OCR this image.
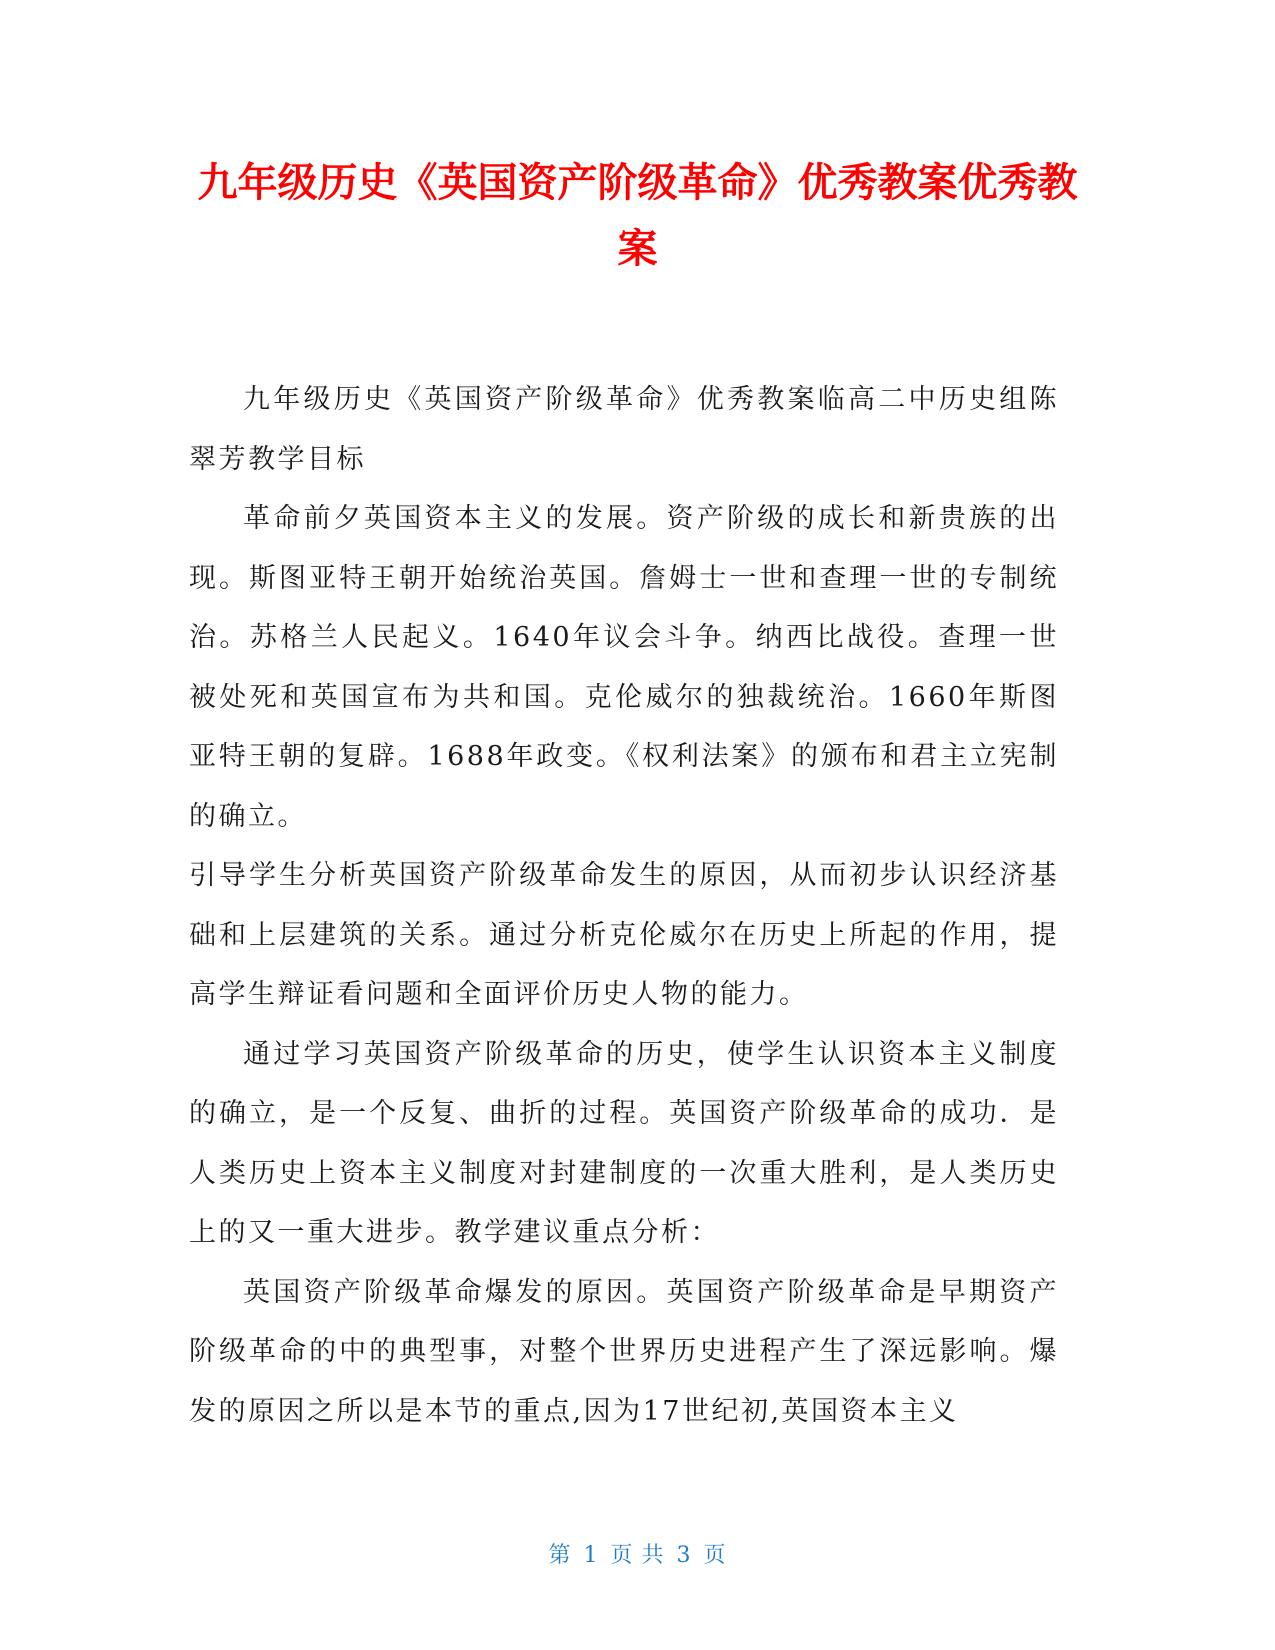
九年级历史《英国资产阶级革命》优秀教案优秀教案

九年级历史《英国资产阶级革命》优秀教案临高二中历史组陈翠芳教学目标

革命前夕英国资本主义的发展。资产阶级的成长和新贵族的出现。斯图亚特王朝开始统治英国。詹姆士一世和查理一世的专制统治。苏格兰人民起义。1640年议会斗争。纳西比战役。查理一世被处死和英国宣布为共和国。克伦威尔的独裁统治。1660年斯图亚特王朝的复辟。1688年政变。《权利法案》的颁布和君主立宪制的确立。

引导学生分析英国资产阶级革命发生的原因，从而初步认识经济基础和上层建筑的关系。通过分析克伦威尔在历史上所起的作用，提高学生辩证看问题和全面评价历史人物的能力。

通过学习英国资产阶级革命的历史，使学生认识资本主义制度的确立，是一个反复、曲折的过程。英国资产阶级革命的成功．是人类历史上资本主义制度对封建制度的一次重大胜利，是人类历史上的又一重大进步。教学建议重点分析：

英国资产阶级革命爆发的原因。英国资产阶级革命是早期资产阶级革命的中的典型事，对整个世界历史进程产生了深远影响。爆发的原因之所以是本节的重点,因为17世纪初,英国资本主义

第 1 页 共 3 页
